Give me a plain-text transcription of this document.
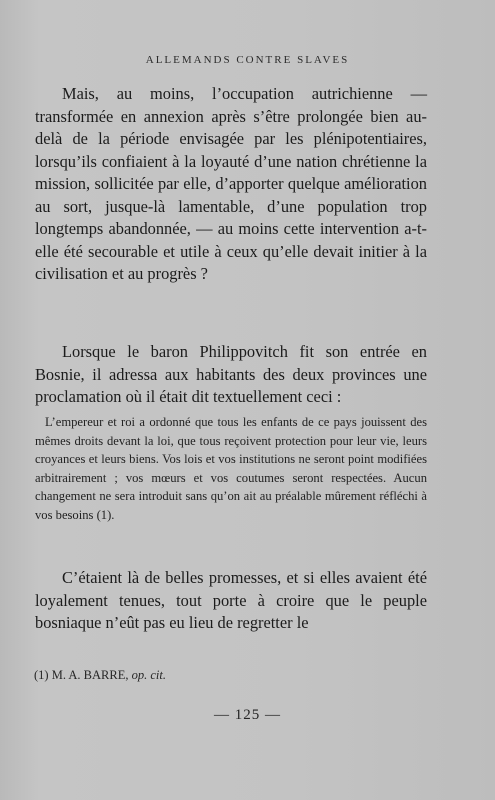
ALLEMANDS CONTRE SLAVES

Mais, au moins, l’occupation autrichienne — transformée en annexion après s’être prolongée bien au-delà de la période envisagée par les plénipotentiaires, lorsqu’ils confiaient à la loyauté d’une nation chrétienne la mission, sollicitée par elle, d’apporter quelque amélioration au sort, jusque-là lamentable, d’une population trop longtemps abandonnée, — au moins cette intervention a-t-elle été secourable et utile à ceux qu’elle devait initier à la civilisation et au progrès ?

Lorsque le baron Philippovitch fit son entrée en Bosnie, il adressa aux habitants des deux provinces une proclamation où il était dit textuellement ceci :

L’empereur et roi a ordonné que tous les enfants de ce pays jouissent des mêmes droits devant la loi, que tous reçoivent protection pour leur vie, leurs croyances et leurs biens. Vos lois et vos institutions ne seront point modifiées arbitrairement ; vos mœurs et vos coutumes seront respectées. Aucun changement ne sera introduit sans qu’on ait au préalable mûrement réfléchi à vos besoins (1).

C’étaient là de belles promesses, et si elles avaient été loyalement tenues, tout porte à croire que le peuple bosniaque n’eût pas eu lieu de regretter le

(1) M. A. BARRE, op. cit.
— 125 —
